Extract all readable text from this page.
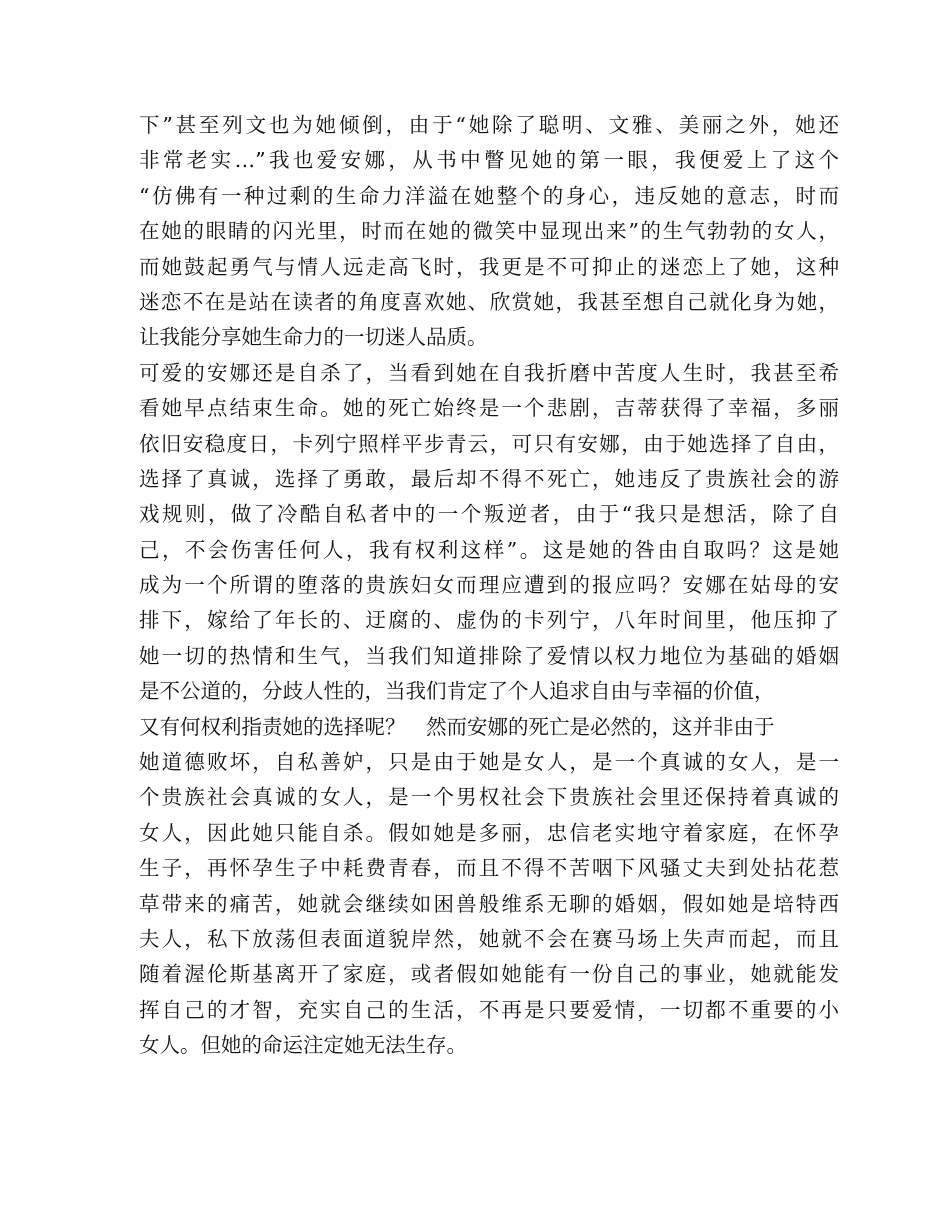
下”甚至列文也为她倾倒，由于“她除了聪明、文雅、美丽之外，她还
非常老实…”我也爱安娜，从书中瞥见她的第一眼，我便爱上了这个
“仿佛有一种过剩的生命力洋溢在她整个的身心，违反她的意志，时而
在她的眼睛的闪光里，时而在她的微笑中显现出来”的生气勃勃的女人，
而她鼓起勇气与情人远走高飞时，我更是不可抑止的迷恋上了她，这种
迷恋不在是站在读者的角度喜欢她、欣赏她，我甚至想自己就化身为她，
让我能分享她生命力的一切迷人品质。
可爱的安娜还是自杀了，当看到她在自我折磨中苦度人生时，我甚至希
看她早点结束生命。她的死亡始终是一个悲剧，吉蒂获得了幸福，多丽
依旧安稳度日，卡列宁照样平步青云，可只有安娜，由于她选择了自由，
选择了真诚，选择了勇敢，最后却不得不死亡，她违反了贵族社会的游
戏规则，做了冷酷自私者中的一个叛逆者，由于“我只是想活，除了自
己，不会伤害任何人，我有权利这样”。这是她的咎由自取吗？这是她
成为一个所谓的堕落的贵族妇女而理应遭到的报应吗？安娜在姑母的安
排下，嫁给了年长的、迂腐的、虚伪的卡列宁，八年时间里，他压抑了
她一切的热情和生气，当我们知道排除了爱情以权力地位为基础的婚姻
是不公道的，分歧人性的，当我们肯定了个人追求自由与幸福的价值，
又有何权利指责她的选择呢？　然而安娜的死亡是必然的，这并非由于
她道德败坏，自私善妒，只是由于她是女人，是一个真诚的女人，是一
个贵族社会真诚的女人，是一个男权社会下贵族社会里还保持着真诚的
女人，因此她只能自杀。假如她是多丽，忠信老实地守着家庭，在怀孕
生子，再怀孕生子中耗费青春，而且不得不苦咽下风骚丈夫到处拈花惹
草带来的痛苦，她就会继续如困兽般维系无聊的婚姻，假如她是培特西
夫人，私下放荡但表面道貌岸然，她就不会在赛马场上失声而起，而且
随着渥伦斯基离开了家庭，或者假如她能有一份自己的事业，她就能发
挥自己的才智，充实自己的生活，不再是只要爱情，一切都不重要的小
女人。但她的命运注定她无法生存。
